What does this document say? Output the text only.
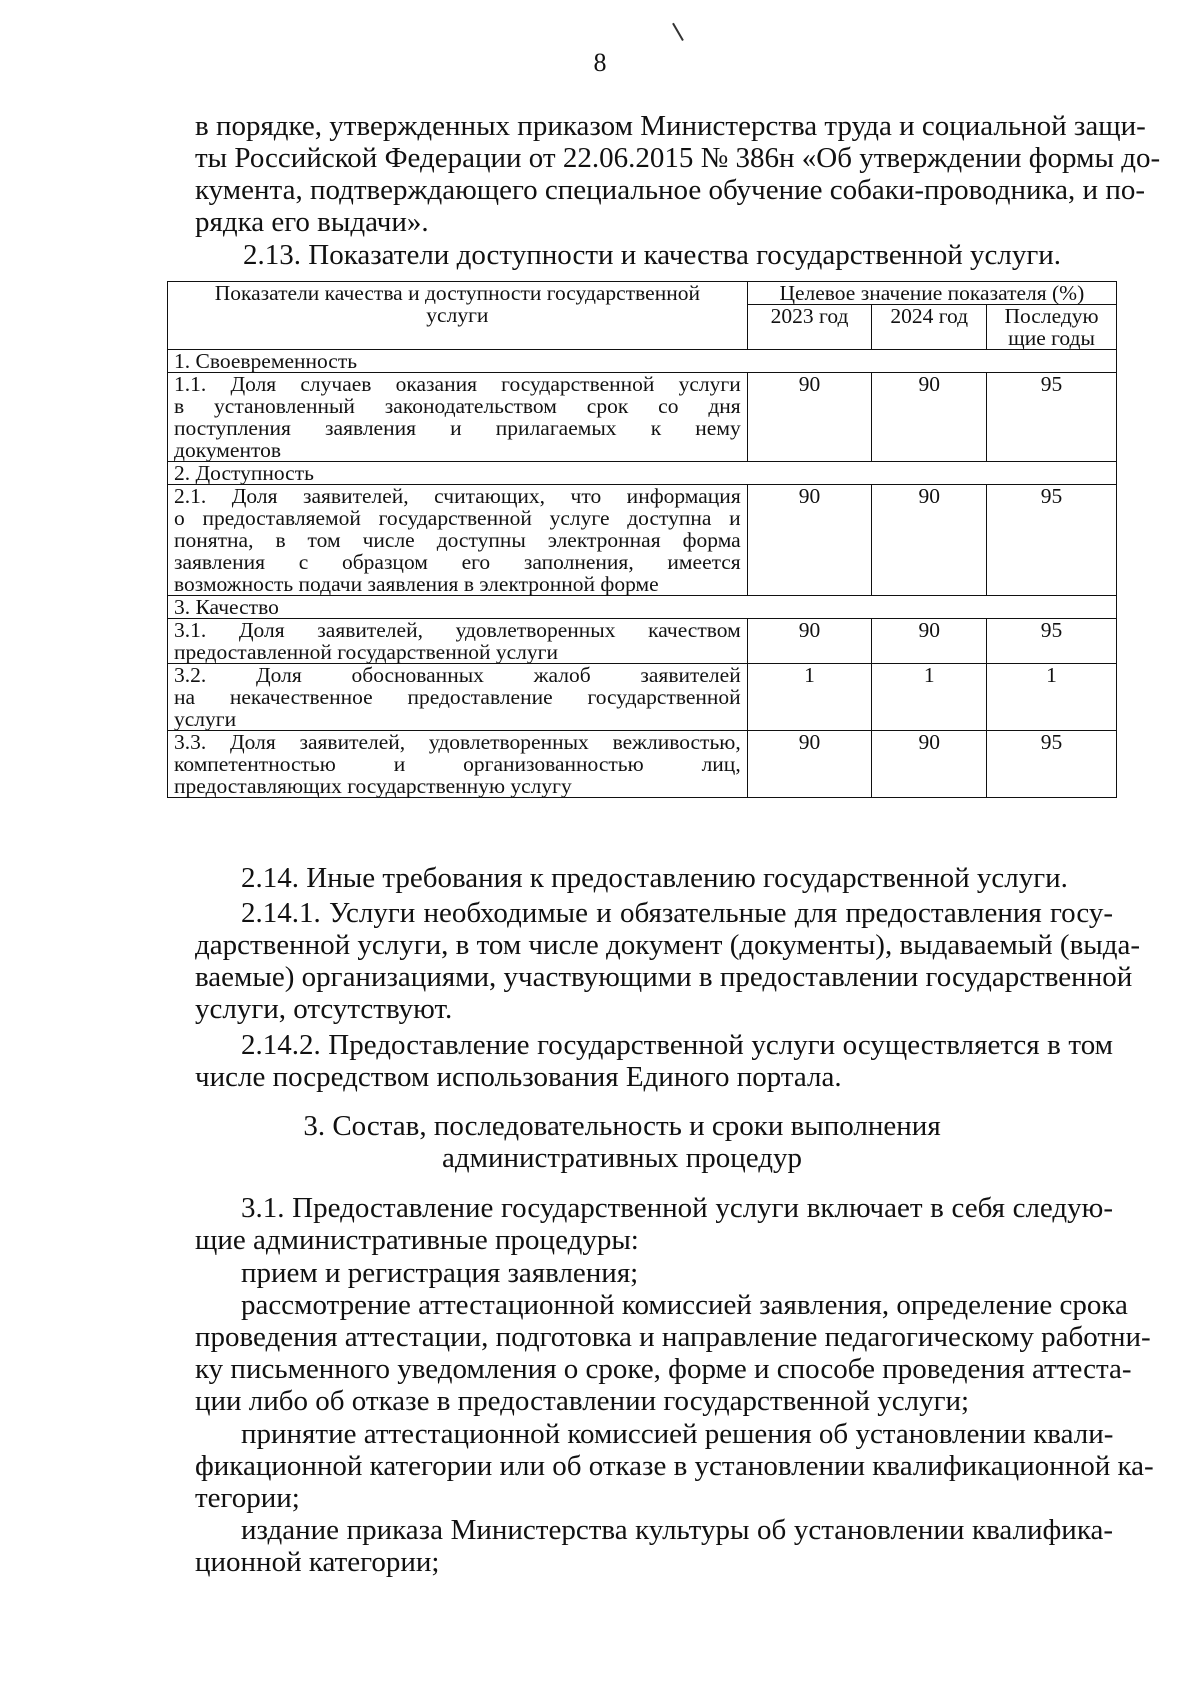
8
в порядке, утвержденных приказом Министерства труда и социальной защи-
ты Российской Федерации от 22.06.2015 № 386н «Об утверждении формы до-
кумента, подтверждающего специальное обучение собаки-проводника, и по-
рядка его выдачи».
2.13. Показатели доступности и качества государственной услуги.
Показатели качества и доступности государственной
услуги	Целевое значение показателя (%)		
	2023 год	2024 год	Последую
щие годы

1. Своевременность			

1.1. Доля случаев оказания государственной услуги
в установленный законодательством срок со дня
поступления заявления и прилагаемых к нему
документов	90	90	95
2. Доступность			

2.1. Доля заявителей, считающих, что информация
о предоставляемой государственной услуге доступна и
понятна, в том числе доступны электронная форма
заявления с образцом его заполнения, имеется
возможность подачи заявления в электронной форме	90	90	95
3. Качество			

3.1. Доля заявителей, удовлетворенных качеством
предоставленной государственной услуги	90	90	95

3.2. Доля обоснованных жалоб заявителей
на некачественное предоставление государственной
услуги	1	1	1

3.3. Доля заявителей, удовлетворенных вежливостью,
компетентностью и организованностью лиц,
предоставляющих государственную услугу	90	90	95
2.14. Иные требования к предоставлению государственной услуги.
2.14.1. Услуги необходимые и обязательные для предоставления госу-
дарственной услуги, в том числе документ (документы), выдаваемый (выда-
ваемые) организациями, участвующими в предоставлении государственной
услуги, отсутствуют.
2.14.2. Предоставление государственной услуги осуществляется в том
числе посредством использования Единого портала.
3. Состав, последовательность и сроки выполнения
административных процедур
3.1. Предоставление государственной услуги включает в себя следую-
щие административные процедуры:
прием и регистрация заявления;
рассмотрение аттестационной комиссией заявления, определение срока
проведения аттестации, подготовка и направление педагогическому работни-
ку письменного уведомления о сроке, форме и способе проведения аттеста-
ции либо об отказе в предоставлении государственной услуги;
принятие аттестационной комиссией решения об установлении квали-
фикационной категории или об отказе в установлении квалификационной ка-
тегории;
издание приказа Министерства культуры об установлении квалифика-
ционной категории;
